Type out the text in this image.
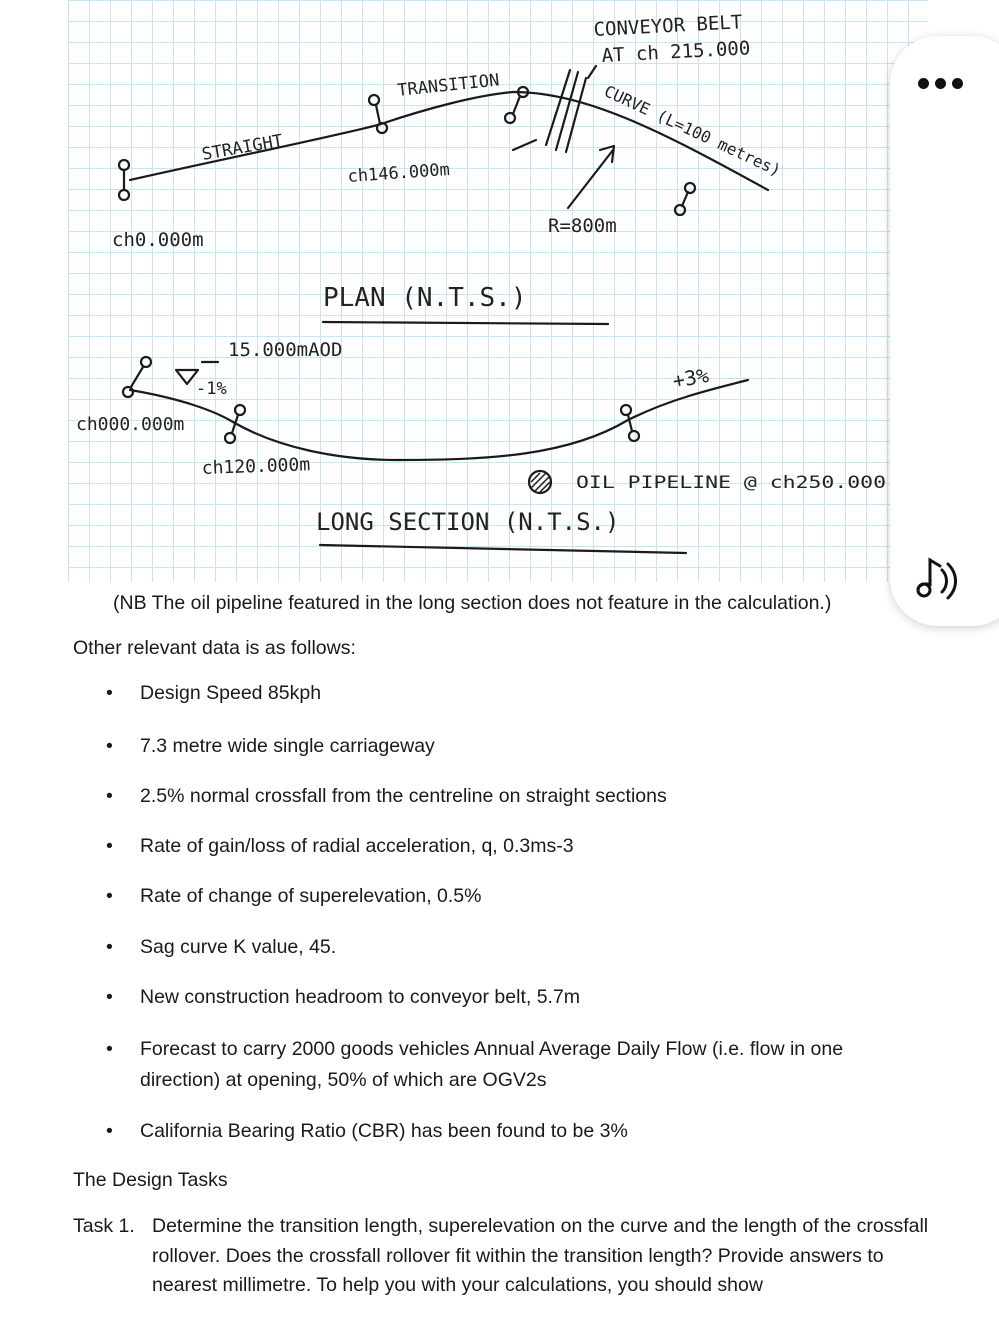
CONVEYOR BELT
AT ch 215.000
TRANSITION
STRAIGHT
ch146.000m	CURVE (L=100 metres)
R=800m
ch0.000m
PLAN (N.T.S.)
15.000mAOD
-1%	+3%
ch000.000m
ch120.000m
OIL PIPELINE @ ch250.000
LONG SECTION (N.T.S.)
(NB The oil pipeline featured in the long section does not feature in the calculation.)
Other relevant data is as follows:
• Design Speed 85kph
• 7.3 metre wide single carriageway
• 2.5% normal crossfall from the centreline on straight sections
• Rate of gain/loss of radial acceleration, q, 0.3ms-3
• Rate of change of superelevation, 0.5%
• Sag curve K value, 45.
• New construction headroom to conveyor belt, 5.7m
• Forecast to carry 2000 goods vehicles Annual Average Daily Flow (i.e. flow in one direction) at opening, 50% of which are OGV2s
• California Bearing Ratio (CBR) has been found to be 3%
The Design Tasks
Task 1. Determine the transition length, superelevation on the curve and the length of the crossfall rollover. Does the crossfall rollover fit within the transition length? Provide answers to nearest millimetre. To help you with your calculations, you should show
